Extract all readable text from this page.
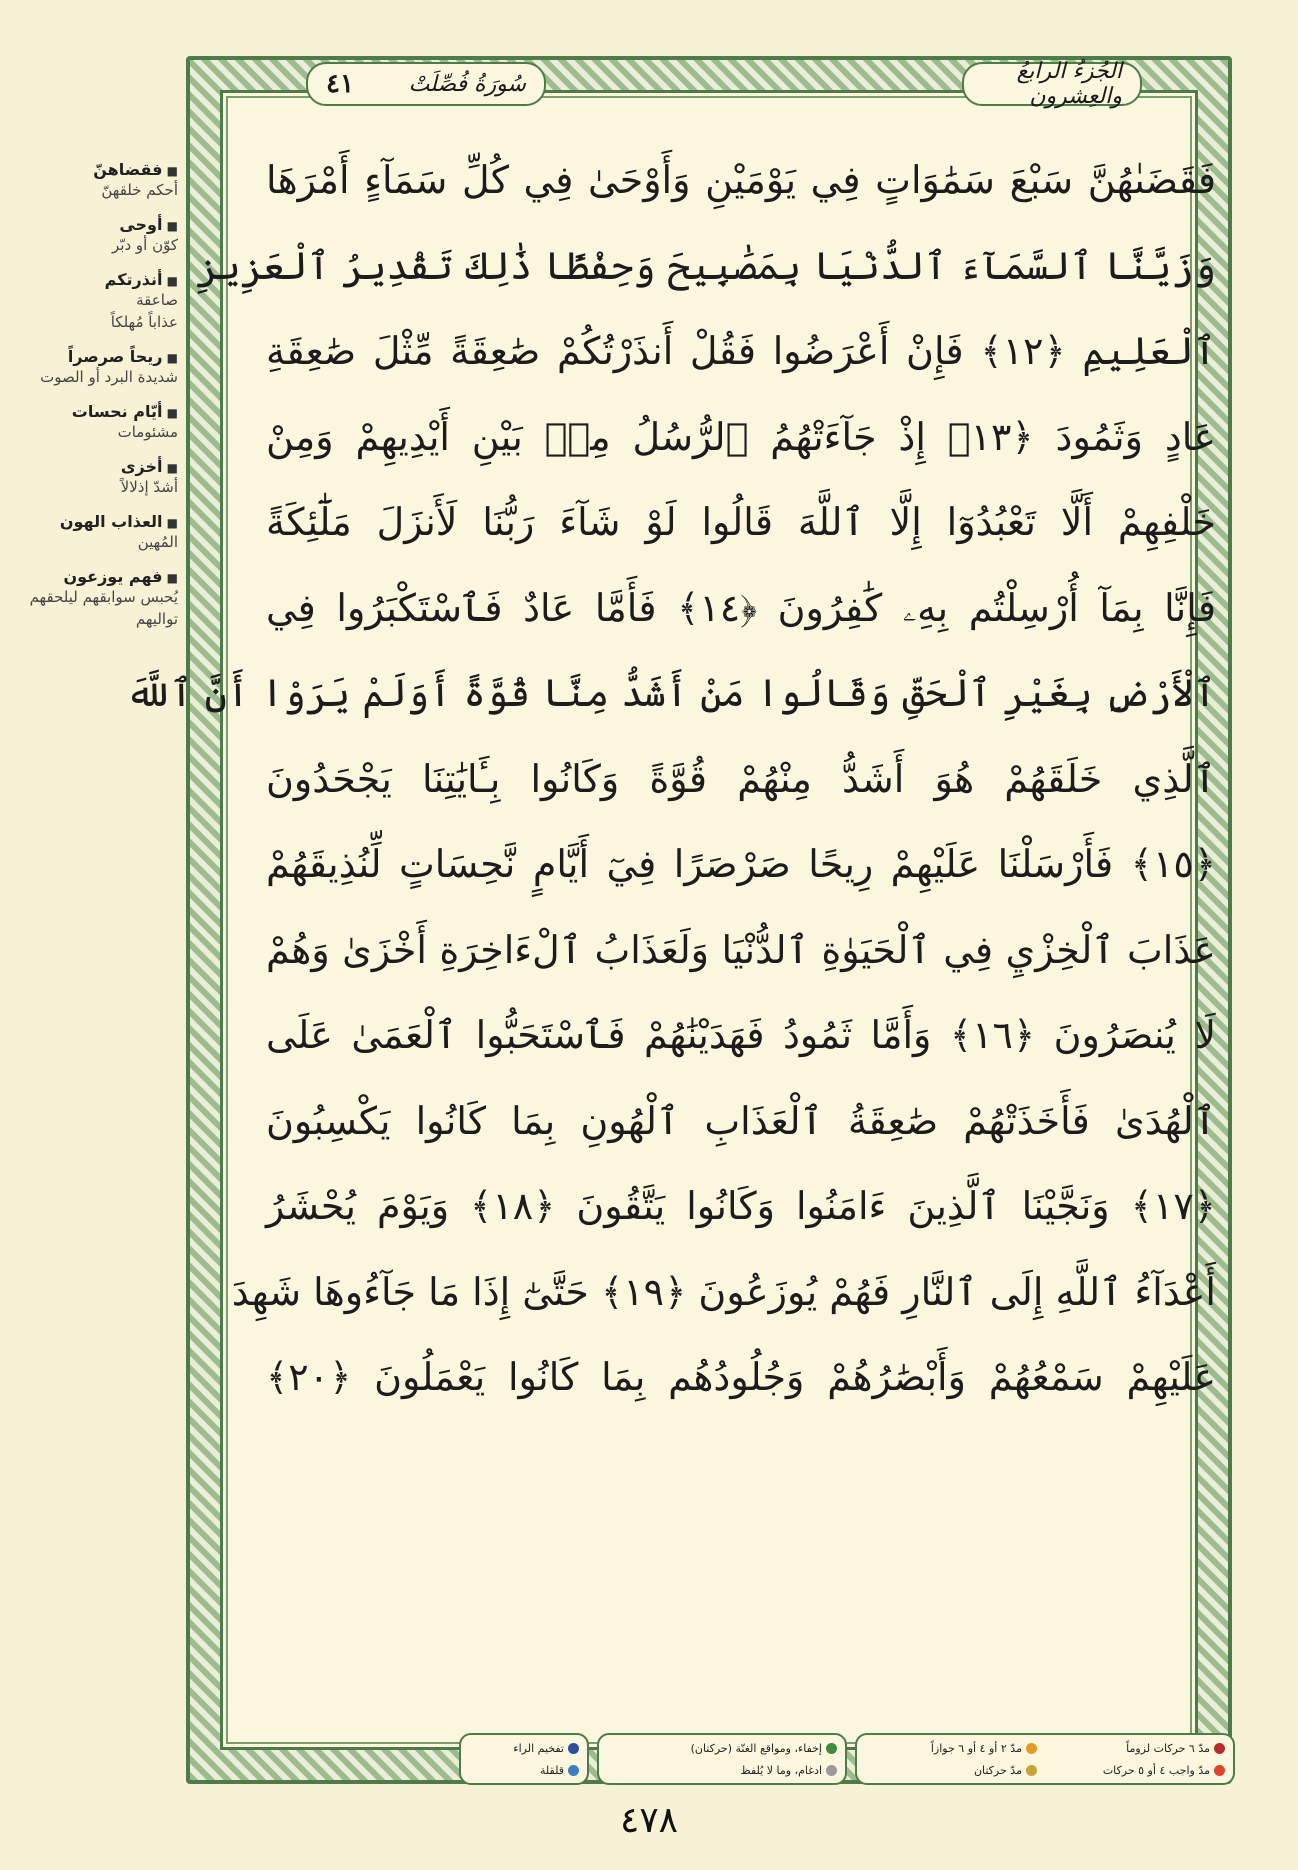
سُورَةُ فُصِّلَتْ
٤١	الجُزءُ الرابعُ والعِشرون
فَقَضَىٰهُنَّ سَبْعَ سَمَٰوَاتٍ فِي يَوْمَيْنِ وَأَوْحَىٰ فِي كُلِّ سَمَآءٍ أَمْرَهَا
وَزَيَّنَّا ٱلسَّمَآءَ ٱلدُّنْيَا بِمَصَٰبِيحَ وَحِفْظًا ذَٰلِكَ تَقْدِيرُ ٱلْعَزِيزِ
ٱلْعَلِيمِ ﴿١٢﴾ فَإِنْ أَعْرَضُوا فَقُلْ أَنذَرْتُكُمْ صَٰعِقَةً مِّثْلَ صَٰعِقَةِ
عَادٍ وَثَمُودَ ﴿١٣﴾ إِذْ جَآءَتْهُمُ ٱلرُّسُلُ مِنۢ بَيْنِ أَيْدِيهِمْ وَمِنْ
خَلْفِهِمْ أَلَّا تَعْبُدُوٓا إِلَّا ٱللَّهَ قَالُوا لَوْ شَآءَ رَبُّنَا لَأَنزَلَ مَلَٰٓئِكَةً
فَإِنَّا بِمَآ أُرْسِلْتُم بِهِۦ كَٰفِرُونَ ﴿١٤﴾ فَأَمَّا عَادٌ فَٱسْتَكْبَرُوا فِي
ٱلْأَرْضِ بِغَيْرِ ٱلْحَقِّ وَقَالُوا مَنْ أَشَدُّ مِنَّا قُوَّةً أَوَلَمْ يَرَوْا أَنَّ ٱللَّهَ
ٱلَّذِي خَلَقَهُمْ هُوَ أَشَدُّ مِنْهُمْ قُوَّةً وَكَانُوا بِـَٔايَٰتِنَا يَجْحَدُونَ
﴿١٥﴾ فَأَرْسَلْنَا عَلَيْهِمْ رِيحًا صَرْصَرًا فِيٓ أَيَّامٍ نَّحِسَاتٍ لِّنُذِيقَهُمْ
عَذَابَ ٱلْخِزْيِ فِي ٱلْحَيَوٰةِ ٱلدُّنْيَا وَلَعَذَابُ ٱلْءَاخِرَةِ أَخْزَىٰ وَهُمْ
لَا يُنصَرُونَ ﴿١٦﴾ وَأَمَّا ثَمُودُ فَهَدَيْنَٰهُمْ فَٱسْتَحَبُّوا ٱلْعَمَىٰ عَلَى
ٱلْهُدَىٰ فَأَخَذَتْهُمْ صَٰعِقَةُ ٱلْعَذَابِ ٱلْهُونِ بِمَا كَانُوا يَكْسِبُونَ
﴿١٧﴾ وَنَجَّيْنَا ٱلَّذِينَ ءَامَنُوا وَكَانُوا يَتَّقُونَ ﴿١٨﴾ وَيَوْمَ يُحْشَرُ
أَعْدَآءُ ٱللَّهِ إِلَى ٱلنَّارِ فَهُمْ يُوزَعُونَ ﴿١٩﴾ حَتَّىٰٓ إِذَا مَا جَآءُوهَا شَهِدَ
عَلَيْهِمْ سَمْعُهُمْ وَأَبْصَٰرُهُمْ وَجُلُودُهُم بِمَا كَانُوا يَعْمَلُونَ ﴿٢٠﴾
■ فقضاهنّ
أحكم خلقهنّ
■ أوحى
كوّن أو دبّر
■ أنذرتكم
صاعقة
عذاباً مُهلكاً
■ ريحاً صرصراً
شديدة البرد أو الصوت
■ أيّام نحسات
مشئومات
■ أخزى
أشدّ إذلالاً
■ العذاب الهون
المُهين
■ فهم يوزعون
يُحبس سوابقهم ليلحقهم تواليهم
مدّ ٦ حركات لزوماً
مدّ ٢ أو ٤ أو ٦ جوازاً
مدّ واجب ٤ أو ٥ حركات
مدّ حركتان
إخفاء، ومواقع الغنّة (حركتان)
ادغام، وما لا يُلفظ
تفخيم الراء
قلقلة
٤٧٨
